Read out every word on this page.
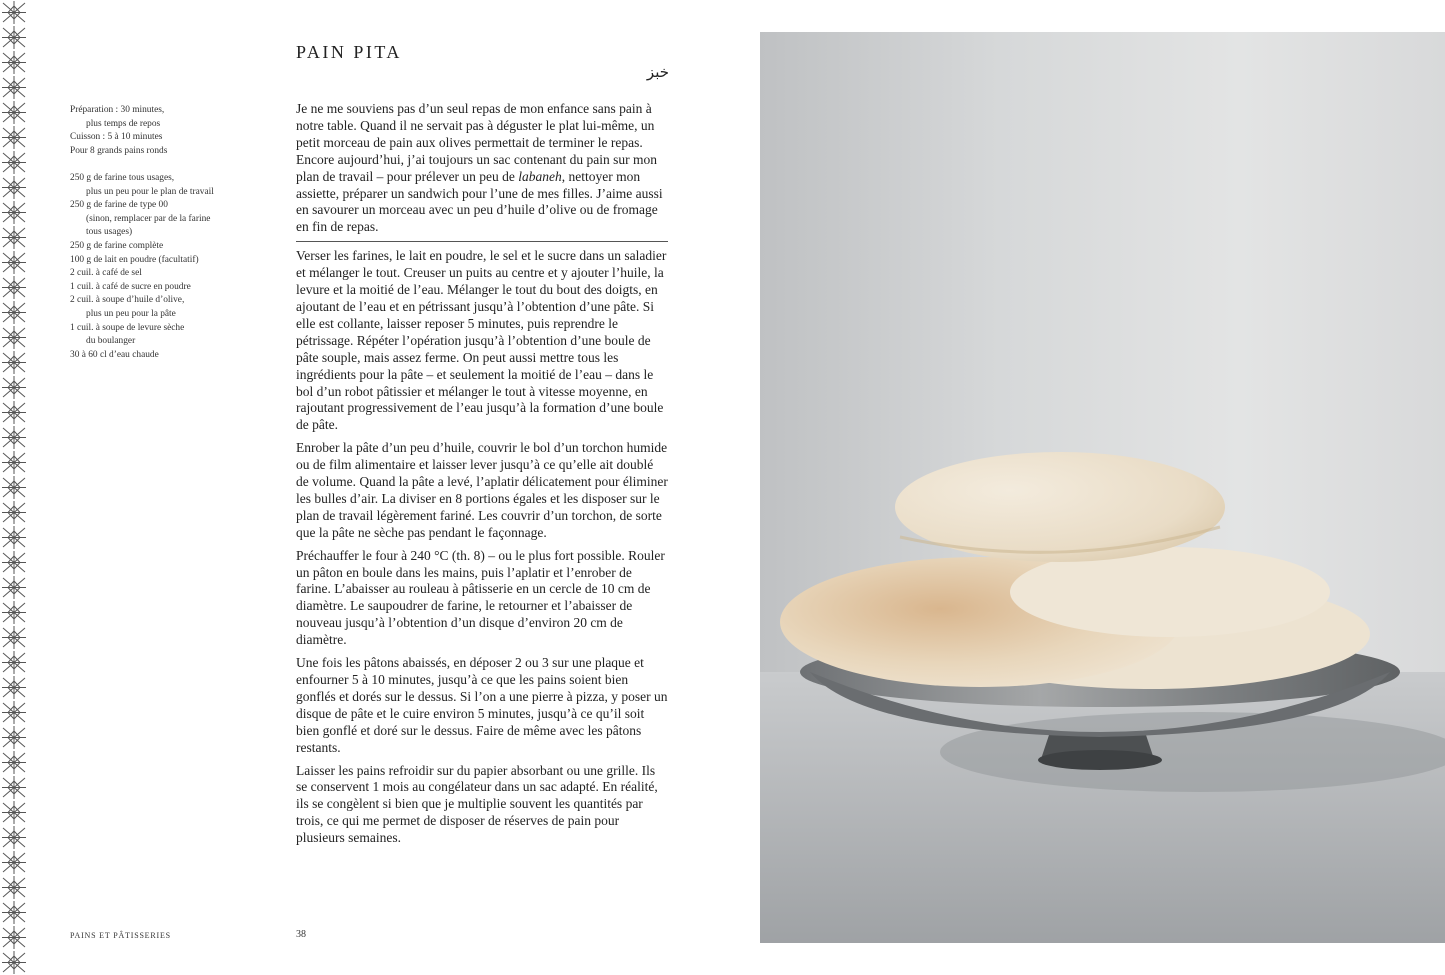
PAIN PITA
خبز
Préparation : 30 minutes,
plus temps de repos
Cuisson : 5 à 10 minutes
Pour 8 grands pains ronds
250 g de farine tous usages,
plus un peu pour le plan de travail
250 g de farine de type 00
(sinon, remplacer par de la farine
tous usages)
250 g de farine complète
100 g de lait en poudre (facultatif)
2 cuil. à café de sel
1 cuil. à café de sucre en poudre
2 cuil. à soupe d’huile d’olive,
plus un peu pour la pâte
1 cuil. à soupe de levure sèche
du boulanger
30 à 60 cl d’eau chaude

Je ne me souviens pas d’un seul repas de mon enfance sans pain à notre table. Quand il ne servait pas à déguster le plat lui-même, un petit morceau de pain aux olives permettait de terminer le repas. Encore aujourd’hui, j’ai toujours un sac contenant du pain sur mon plan de travail – pour prélever un peu de labaneh, nettoyer mon assiette, préparer un sandwich pour l’une de mes filles. J’aime aussi en savourer un morceau avec un peu d’huile d’olive ou de fromage en fin de repas.

Verser les farines, le lait en poudre, le sel et le sucre dans un saladier et mélanger le tout. Creuser un puits au centre et y ajouter l’huile, la levure et la moitié de l’eau. Mélanger le tout du bout des doigts, en ajoutant de l’eau et en pétrissant jusqu’à l’obtention d’une pâte. Si elle est collante, laisser reposer 5 minutes, puis reprendre le pétrissage. Répéter l’opération jusqu’à l’obtention d’une boule de pâte souple, mais assez ferme. On peut aussi mettre tous les ingrédients pour la pâte – et seulement la moitié de l’eau – dans le bol d’un robot pâtissier et mélanger le tout à vitesse moyenne, en rajoutant progressivement de l’eau jusqu’à la formation d’une boule de pâte.

Enrober la pâte d’un peu d’huile, couvrir le bol d’un torchon humide ou de film alimentaire et laisser lever jusqu’à ce qu’elle ait doublé de volume. Quand la pâte a levé, l’aplatir délicatement pour éliminer les bulles d’air. La diviser en 8 portions égales et les disposer sur le plan de travail légèrement fariné. Les couvrir d’un torchon, de sorte que la pâte ne sèche pas pendant le façonnage.

Préchauffer le four à 240 °C (th. 8) – ou le plus fort possible. Rouler un pâton en boule dans les mains, puis l’aplatir et l’enrober de farine. L’abaisser au rouleau à pâtisserie en un cercle de 10 cm de diamètre. Le saupoudrer de farine, le retourner et l’abaisser de nouveau jusqu’à l’obtention d’un disque d’environ 20 cm de diamètre.

Une fois les pâtons abaissés, en déposer 2 ou 3 sur une plaque et enfourner 5 à 10 minutes, jusqu’à ce que les pains soient bien gonflés et dorés sur le dessus. Si l’on a une pierre à pizza, y poser un disque de pâte et le cuire environ 5 minutes, jusqu’à ce qu’il soit bien gonflé et doré sur le dessus. Faire de même avec les pâtons restants.

Laisser les pains refroidir sur du papier absorbant ou une grille. Ils se conservent 1 mois au congélateur dans un sac adapté. En réalité, ils se congèlent si bien que je multiplie souvent les quantités par trois, ce qui me permet de disposer de réserves de pain pour plusieurs semaines.

PAINS ET PÂTISSERIES	38
